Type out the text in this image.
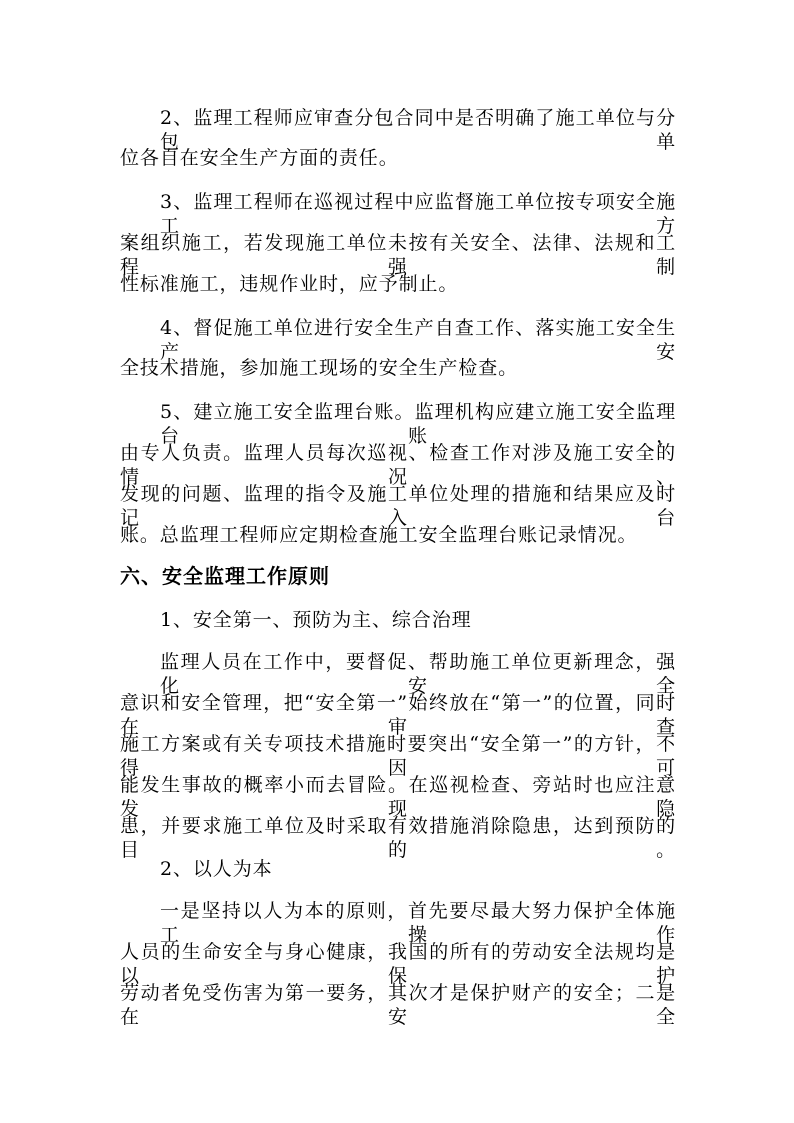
2、监理工程师应审查分包合同中是否明确了施工单位与分包单
位各自在安全生产方面的责任。
3、监理工程师在巡视过程中应监督施工单位按专项安全施工方
案组织施工，若发现施工单位未按有关安全、法律、法规和工程强制
性标准施工，违规作业时，应予制止。
4、督促施工单位进行安全生产自查工作、落实施工安全生产安
全技术措施，参加施工现场的安全生产检查。
5、建立施工安全监理台账。监理机构应建立施工安全监理台账，
由专人负责。监理人员每次巡视、检查工作对涉及施工安全的情况、
发现的问题、监理的指令及施工单位处理的措施和结果应及时记入台
账。总监理工程师应定期检查施工安全监理台账记录情况。
六、安全监理工作原则
1、安全第一、预防为主、综合治理
监理人员在工作中，要督促、帮助施工单位更新理念，强化安全
意识和安全管理，把“安全第一”始终放在“第一”的位置，同时在审查
施工方案或有关专项技术措施时要突出“安全第一”的方针，不得因可
能发生事故的概率小而去冒险。在巡视检查、旁站时也应注意发现隐
患，并要求施工单位及时采取有效措施消除隐患，达到预防的目的。
2、以人为本
一是坚持以人为本的原则，首先要尽最大努力保护全体施工操作
人员的生命安全与身心健康，我国的所有的劳动安全法规均是以保护
劳动者免受伤害为第一要务，其次才是保护财产的安全；二是在安全
